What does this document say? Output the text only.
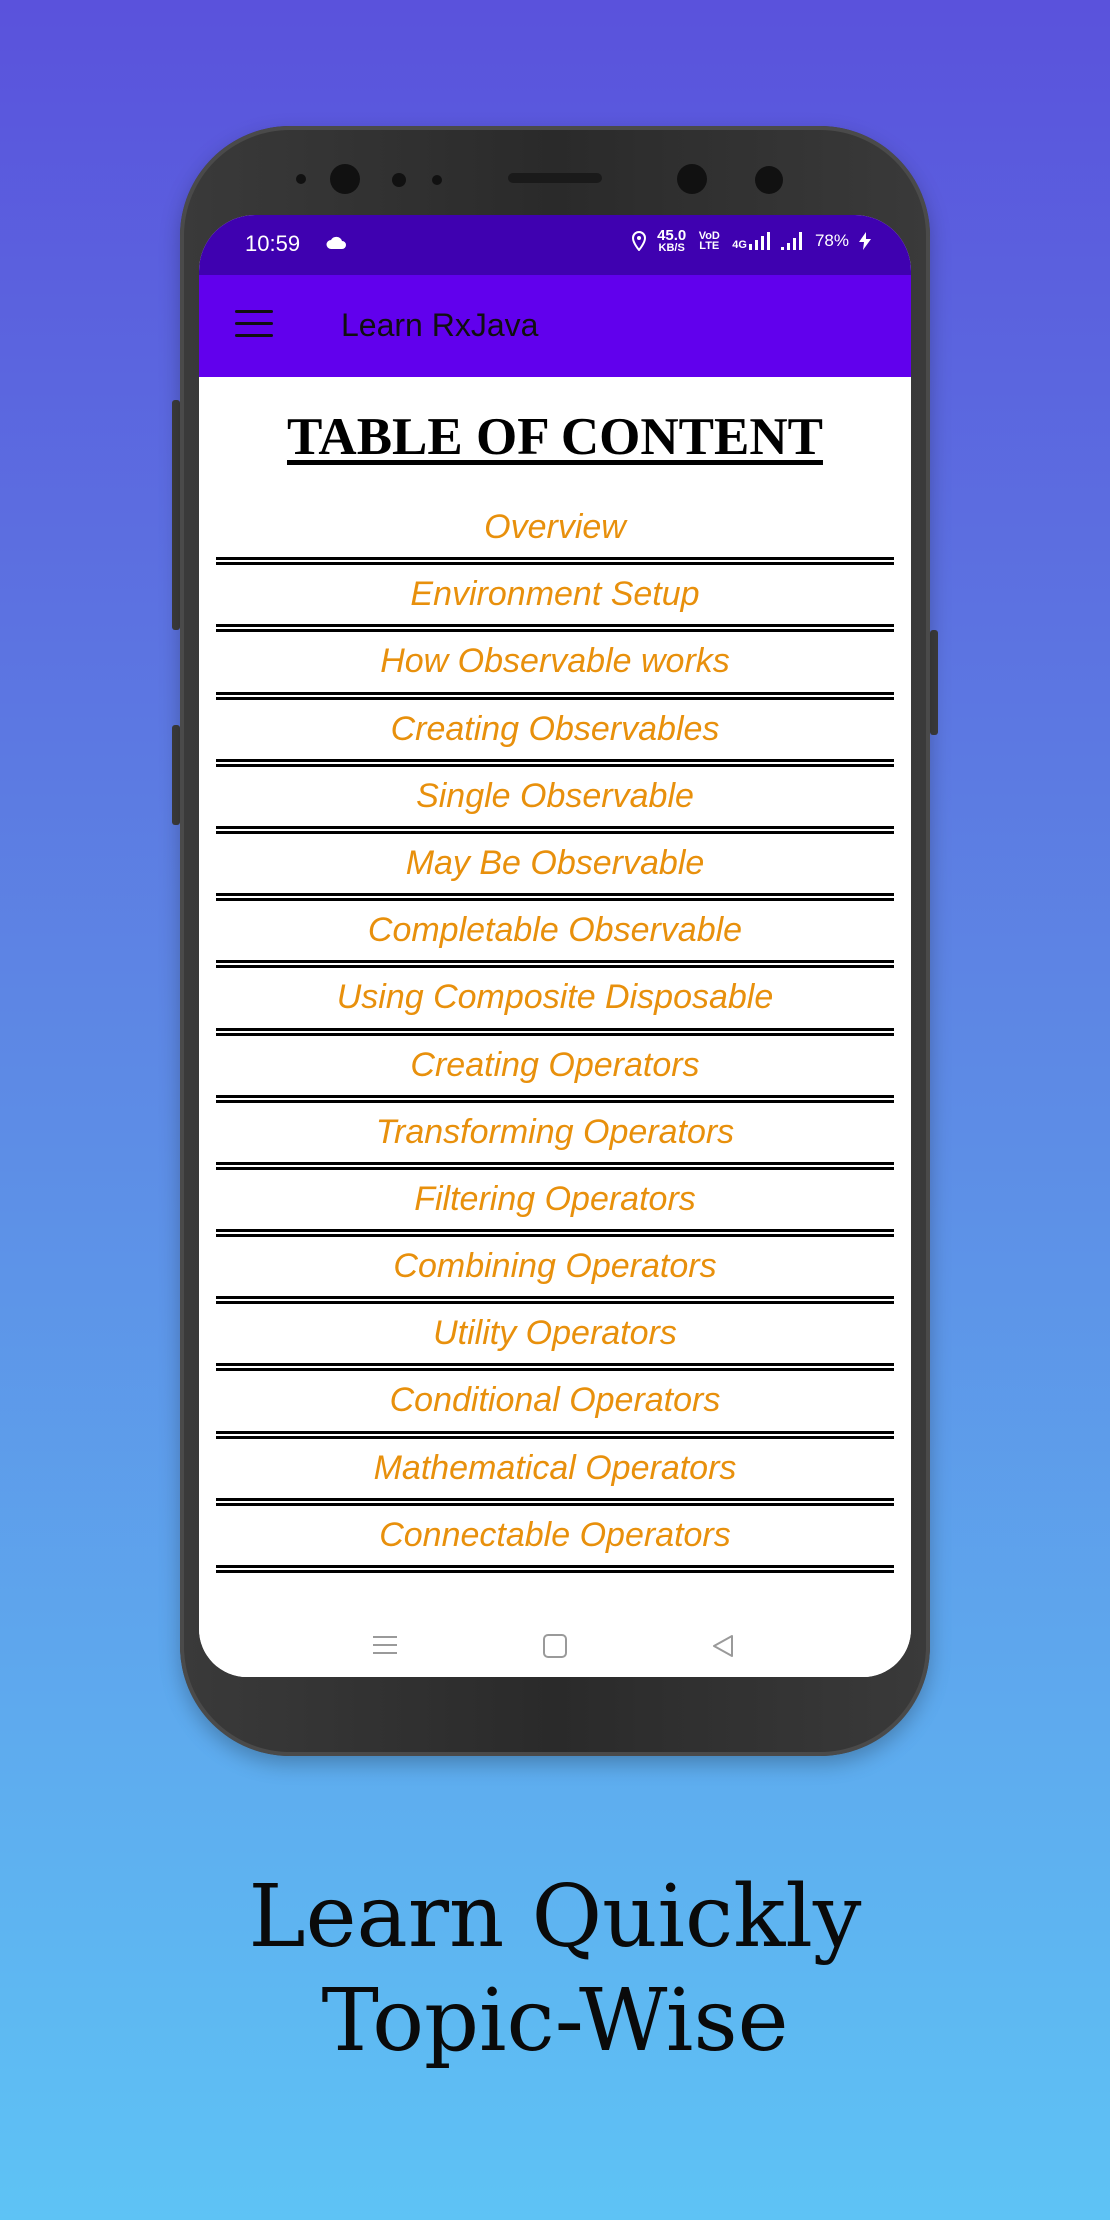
10:59	45.0
KB/S
VoD LTE 4G	78%
Learn RxJava
TABLE OF CONTENT
Overview
Environment Setup
How Observable works
Creating Observables
Single Observable
May Be Observable
Completable Observable
Using Composite Disposable
Creating Operators
Transforming Operators
Filtering Operators
Combining Operators
Utility Operators
Conditional Operators
Mathematical Operators
Connectable Operators
Learn Quickly
Topic-Wise
